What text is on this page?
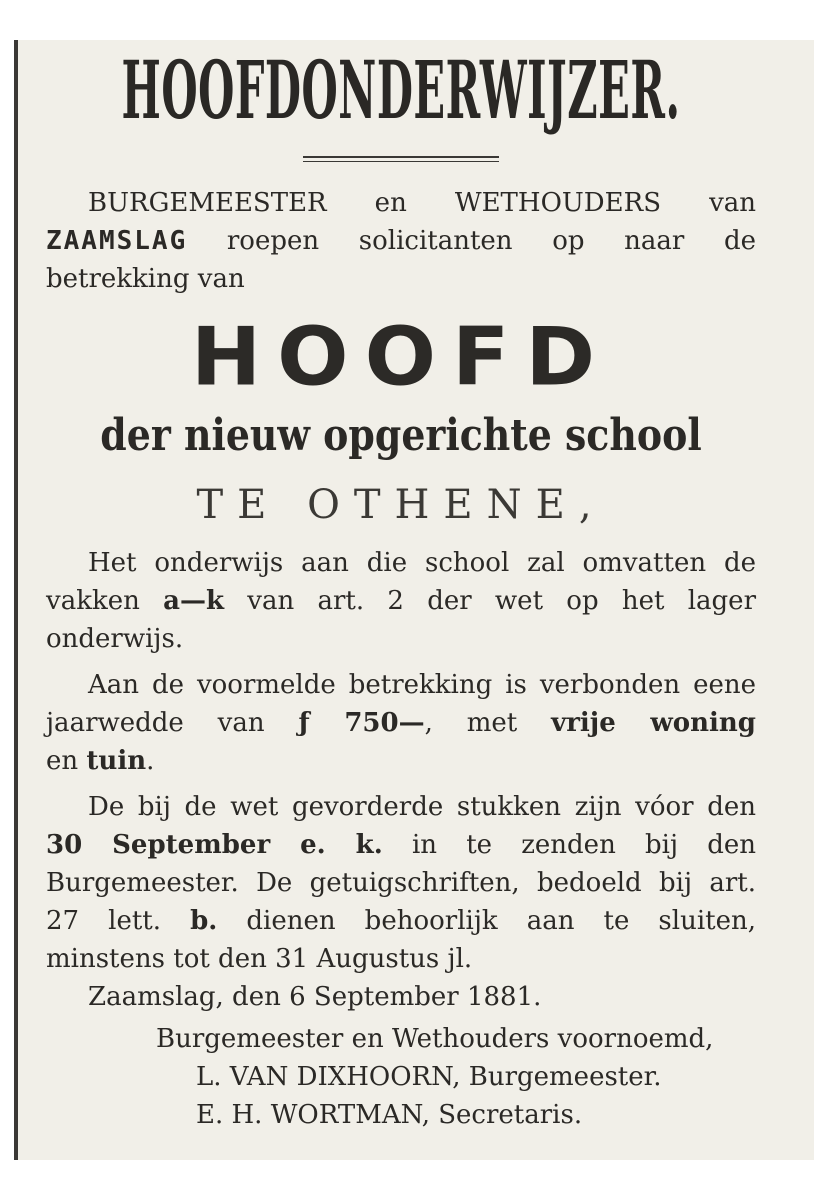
HOOFDONDERWIJZER.

BURGEMEESTER en WETHOUDERS van

ZAAMSLAG roepen solicitanten op naar de

betrekking van

HOOFD
der nieuw opgerichte school
TE OTHENE,

Het onderwijs aan die school zal omvatten de

vakken a—k van art. 2 der wet op het lager

onderwijs.

Aan de voormelde betrekking is verbonden eene

jaarwedde van ƒ 750—, met vrije woning

en tuin.

De bij de wet gevorderde stukken zijn vóor den

30 September e. k. in te zenden bij den

Burgemeester. De getuigschriften, bedoeld bij art.

27 lett. b. dienen behoorlijk aan te sluiten,

minstens tot den 31 Augustus jl.

Zaamslag, den 6 September 1881.

Burgemeester en Wethouders voornoemd,

L. VAN DIXHOORN, Burgemeester.

E. H. WORTMAN, Secretaris.
